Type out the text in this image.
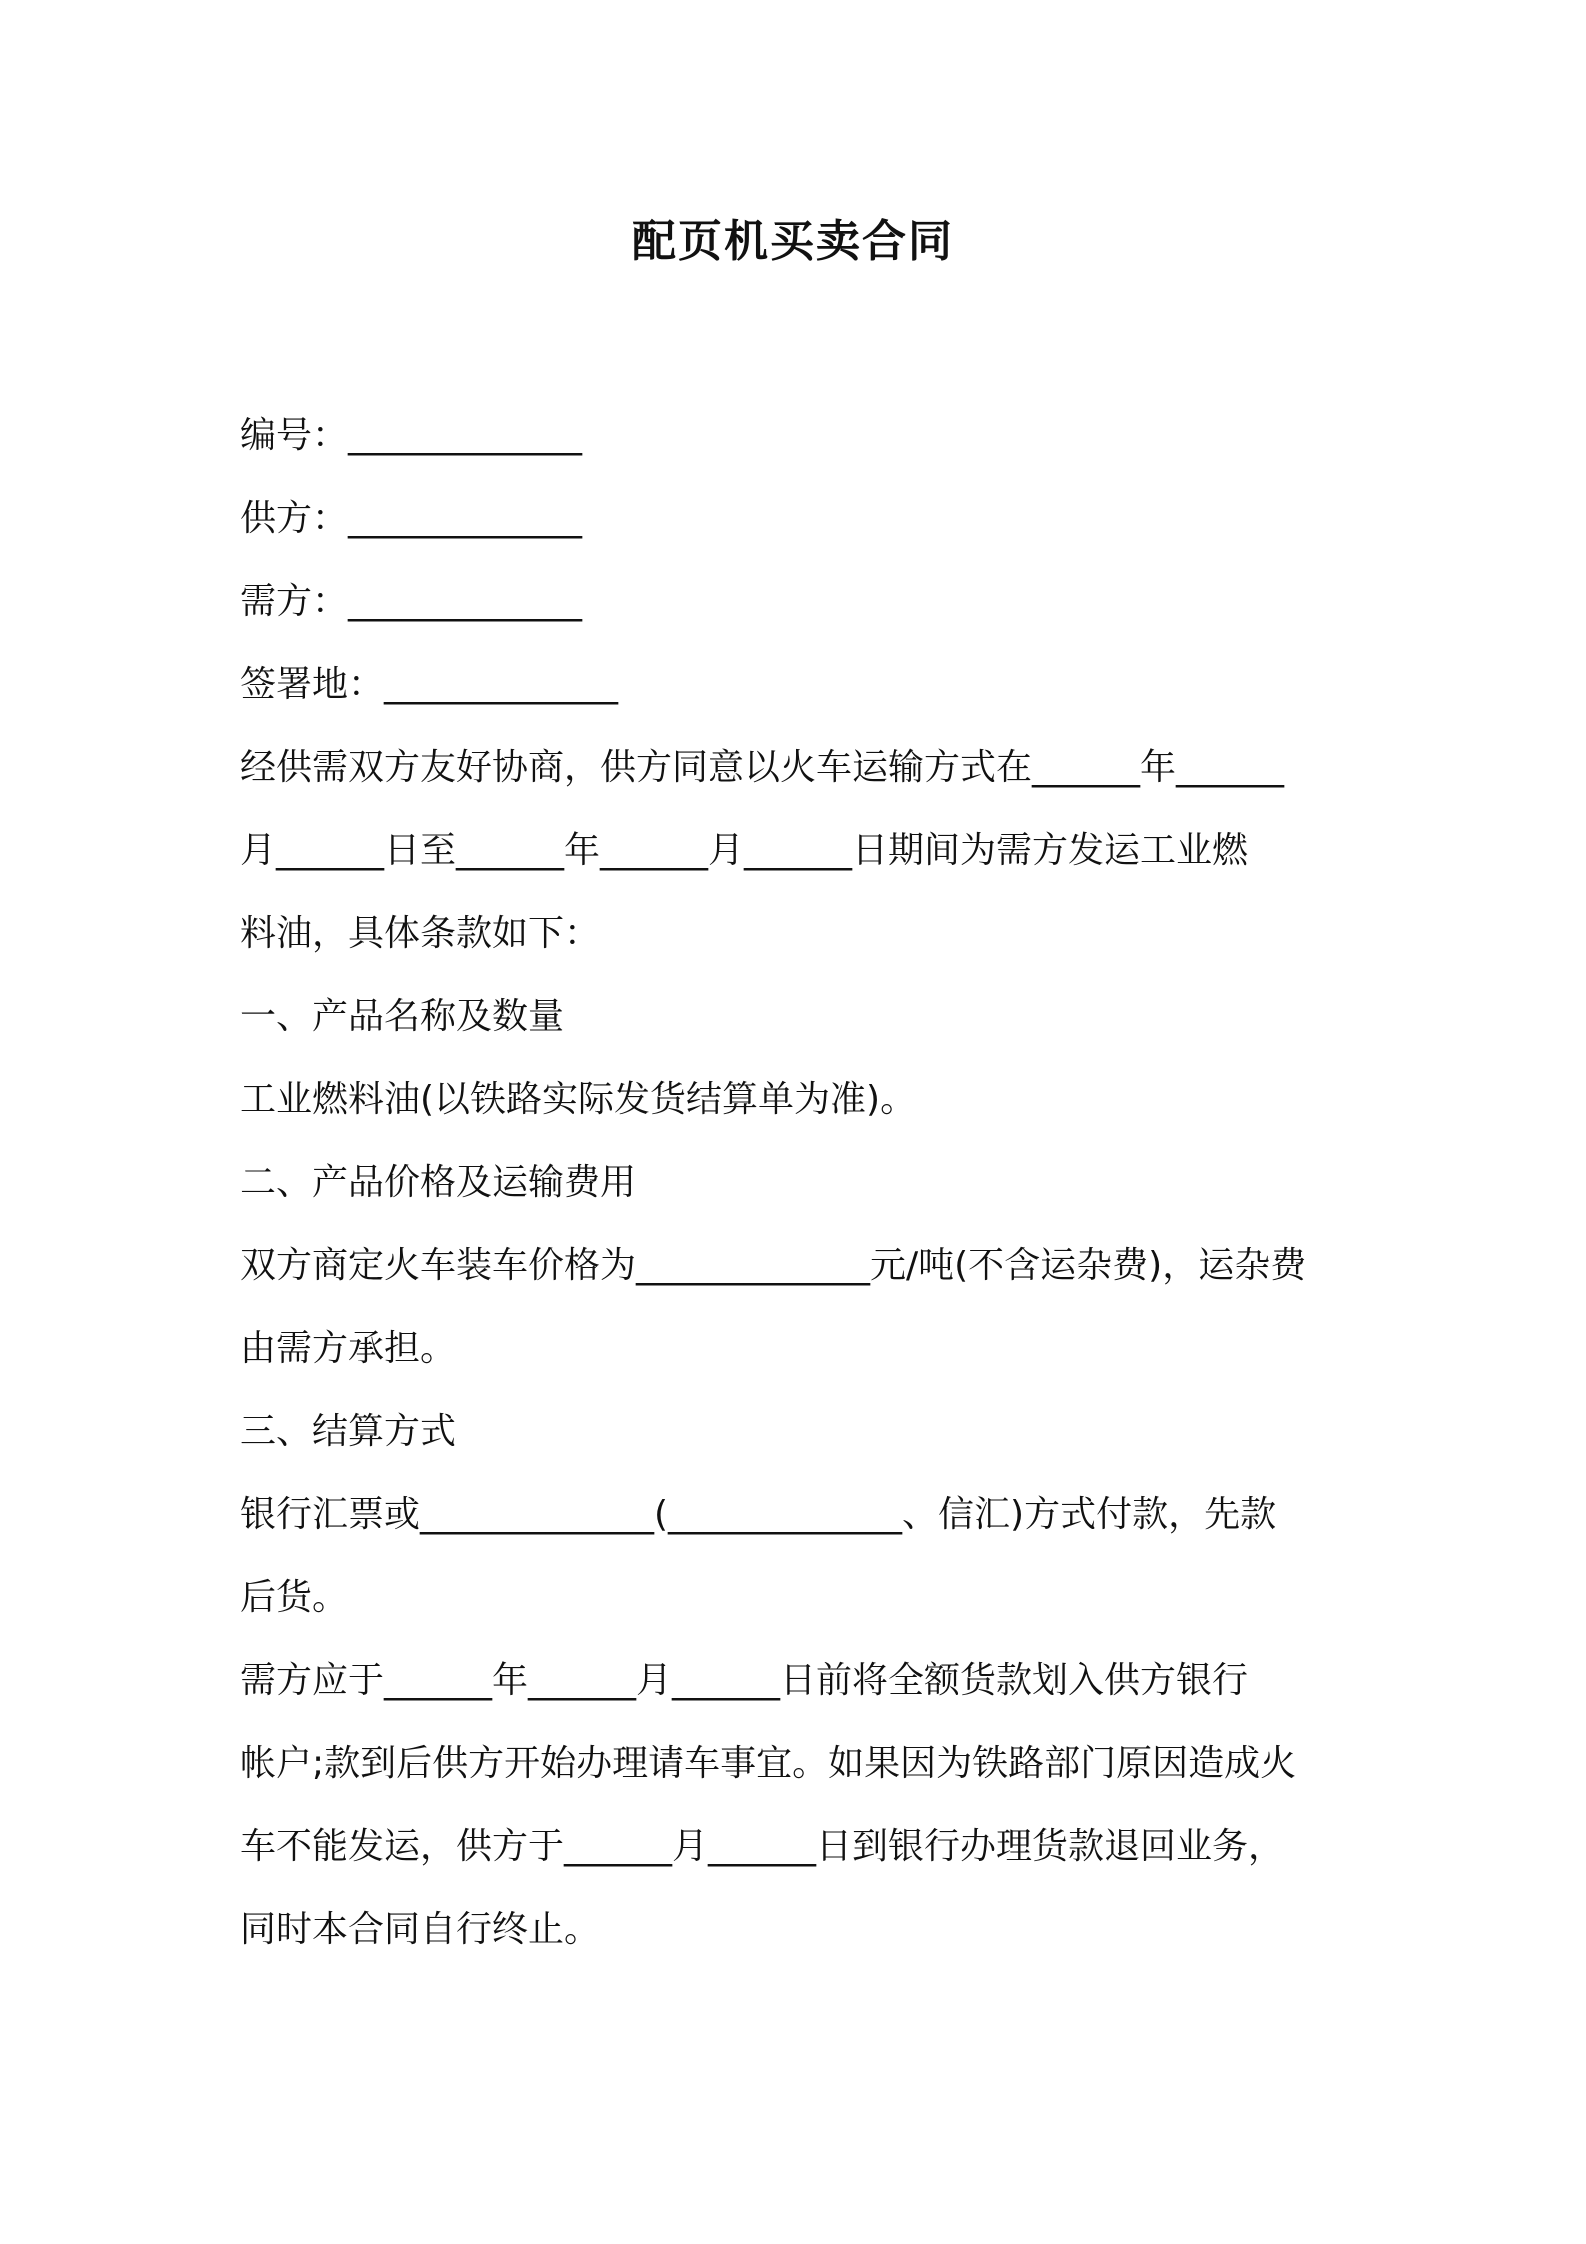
配页机买卖合同
编号：_____________
供方：_____________
需方：_____________
签署地：_____________
经供需双方友好协商，供方同意以火车运输方式在______年______
月______日至______年______月______日期间为需方发运工业燃
料油，具体条款如下：
一、产品名称及数量
工业燃料油(以铁路实际发货结算单为准)。
二、产品价格及运输费用
双方商定火车装车价格为_____________元/吨(不含运杂费)，运杂费
由需方承担。
三、结算方式
银行汇票或_____________(_____________、信汇)方式付款，先款
后货。
需方应于______年______月______日前将全额货款划入供方银行
帐户;款到后供方开始办理请车事宜。如果因为铁路部门原因造成火
车不能发运，供方于______月______日到银行办理货款退回业务，
同时本合同自行终止。
